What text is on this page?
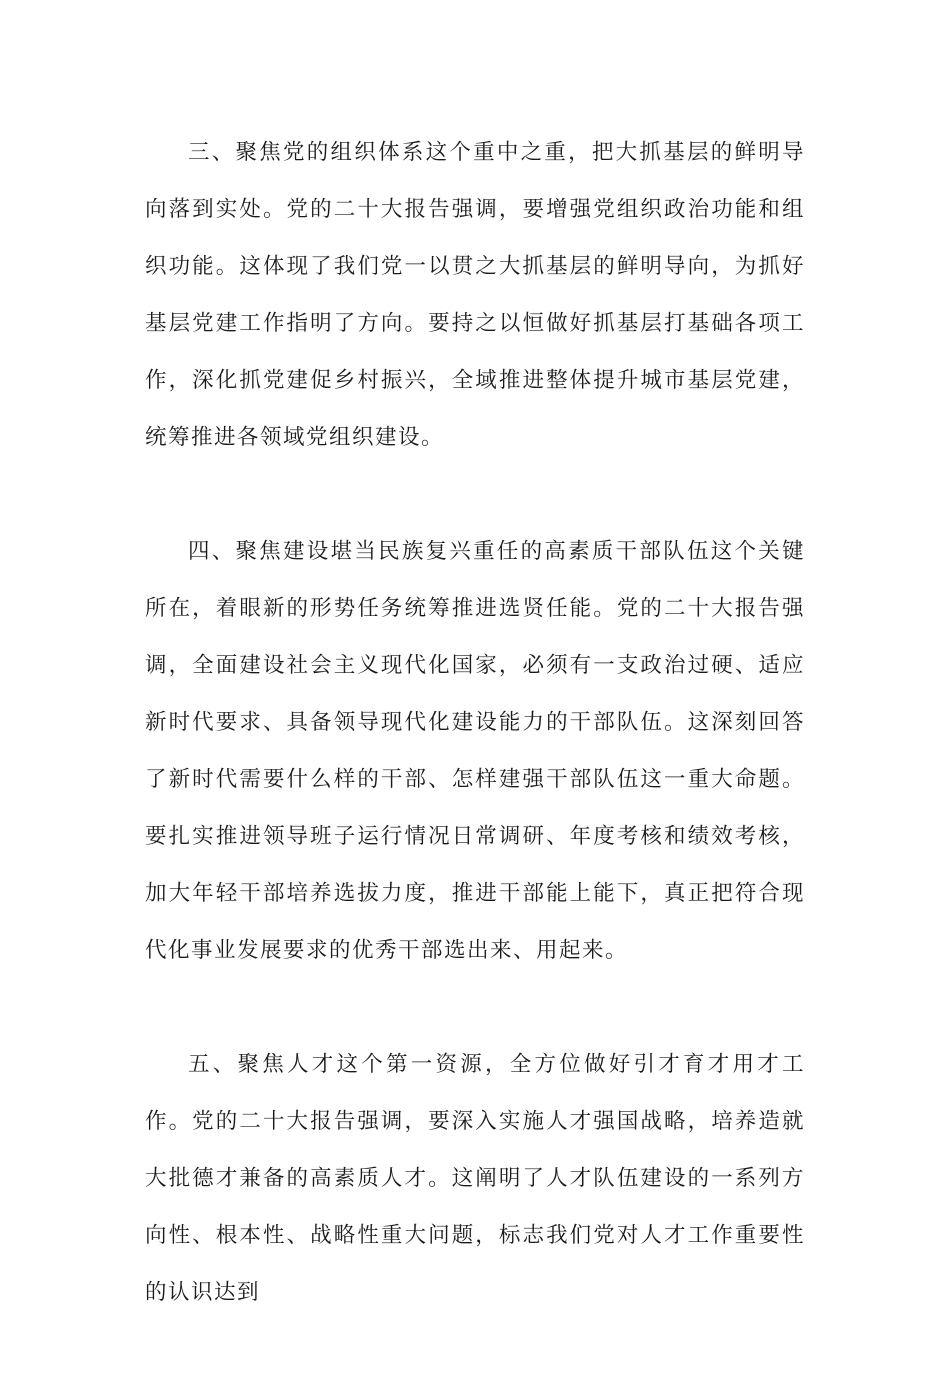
三、聚焦党的组织体系这个重中之重，把大抓基层的鲜明导向落到实处。党的二十大报告强调，要增强党组织政治功能和组织功能。这体现了我们党一以贯之大抓基层的鲜明导向，为抓好基层党建工作指明了方向。要持之以恒做好抓基层打基础各项工作，深化抓党建促乡村振兴，全域推进整体提升城市基层党建，统筹推进各领域党组织建设。

四、聚焦建设堪当民族复兴重任的高素质干部队伍这个关键所在，着眼新的形势任务统筹推进选贤任能。党的二十大报告强调，全面建设社会主义现代化国家，必须有一支政治过硬、适应新时代要求、具备领导现代化建设能力的干部队伍。这深刻回答了新时代需要什么样的干部、怎样建强干部队伍这一重大命题。要扎实推进领导班子运行情况日常调研、年度考核和绩效考核，加大年轻干部培养选拔力度，推进干部能上能下，真正把符合现代化事业发展要求的优秀干部选出来、用起来。

五、聚焦人才这个第一资源，全方位做好引才育才用才工作。党的二十大报告强调，要深入实施人才强国战略，培养造就大批德才兼备的高素质人才。这阐明了人才队伍建设的一系列方向性、根本性、战略性重大问题，标志我们党对人才工作重要性的认识达到
